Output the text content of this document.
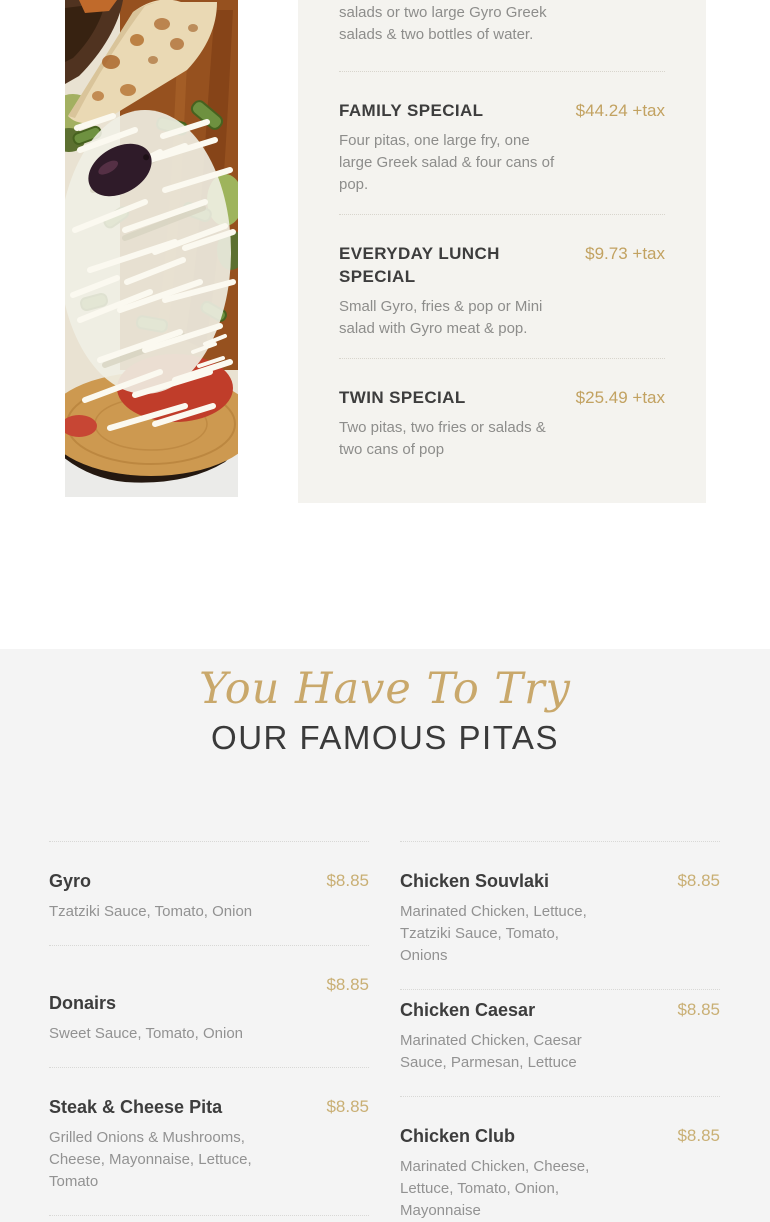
salads or two large Gyro Greek salads & two bottles of water.

FAMILY SPECIAL	$44.24 +tax

Four pitas, one large fry, one large Greek salad & four cans of pop.

EVERYDAY LUNCH SPECIAL
$9.73 +tax

Small Gyro, fries & pop or Mini salad with Gyro meat & pop.

TWIN SPECIAL	$25.49 +tax

Two pitas, two fries or salads & two cans of pop

You Have To Try
OUR FAMOUS PITAS
Gyro	$8.85

Tzatziki Sauce, Tomato, Onion

Donairs
$8.85

Sweet Sauce, Tomato, Onion

Steak & Cheese Pita	$8.85

Grilled Onions & Mushrooms, Cheese, Mayonnaise, Lettuce, Tomato

Chicken Souvlaki	$8.85

Marinated Chicken, Lettuce, Tzatziki Sauce, Tomato, Onions

Chicken Caesar	$8.85

Marinated Chicken, Caesar Sauce, Parmesan, Lettuce

Chicken Club	$8.85

Marinated Chicken, Cheese, Lettuce, Tomato, Onion, Mayonnaise
